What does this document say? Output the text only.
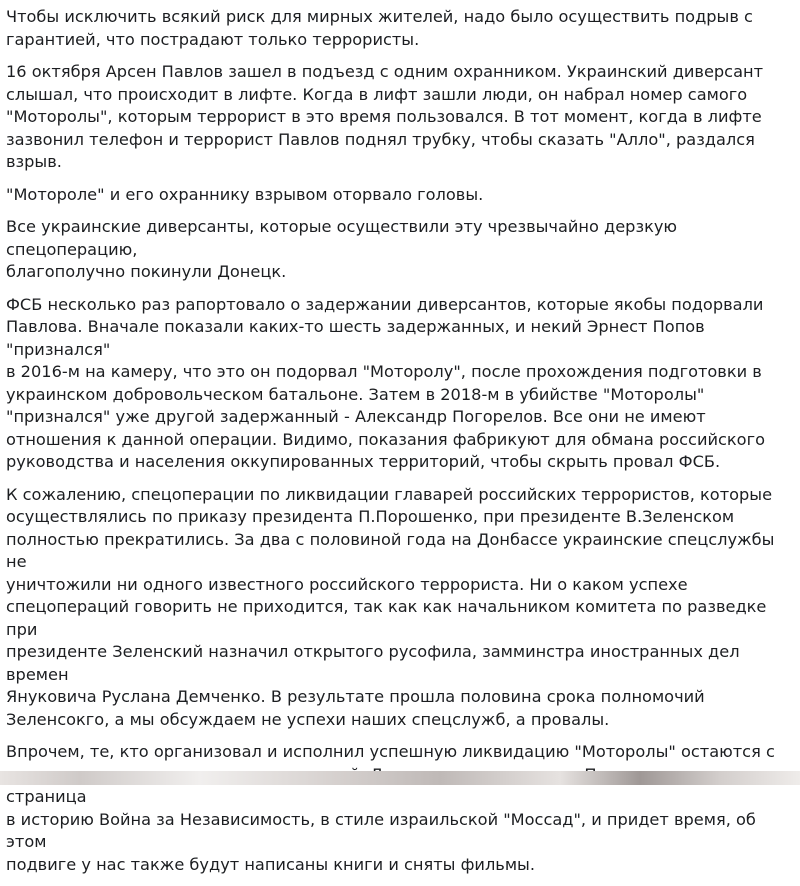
Чтобы исключить всякий риск для мирных жителей, надо было осуществить подрыв с
гарантией, что пострадают только террористы.

16 октября Арсен Павлов зашел в подъезд с одним охранником. Украинский диверсант
слышал, что происходит в лифте. Когда в лифт зашли люди, он набрал номер самого
"Моторолы", которым террорист в это время пользовался. В тот момент, когда в лифте
зазвонил телефон и террорист Павлов поднял трубку, чтобы сказать "Алло", раздался
взрыв.

"Мотороле" и его охраннику взрывом оторвало головы.

Все украинские диверсанты, которые осуществили эту чрезвычайно дерзкую спецоперацию,
благополучно покинули Донецк.

ФСБ несколько раз рапортовало о задержании диверсантов, которые якобы подорвали
Павлова. Вначале показали каких-то шесть задержанных, и некий Эрнест Попов "признался"
в 2016-м на камеру, что это он подорвал "Моторолу", после прохождения подготовки в
украинском добровольческом батальоне. Затем в 2018-м в убийстве "Моторолы"
"признался" уже другой задержанный - Александр Погорелов. Все они не имеют
отношения к данной операции. Видимо, показания фабрикуют для обмана российского
руководства и населения оккупированных территорий, чтобы скрыть провал ФСБ.

К сожалению, спецоперации по ликвидации главарей российских террористов, которые
осуществлялись по приказу президента П.Порошенко, при президенте В.Зеленском
полностью прекратились. За два с половиной года на Донбассе украинские спецслужбы не
уничтожили ни одного известного российского террориста. Ни о каком успехе
спецопераций говорить не приходится, так как как начальником комитета по разведке при
президенте Зеленский назначил открытого русофила, замминстра иностранных дел времен
Януковича Руслана Демченко. В результате прошла половина срока полномочий
Зеленсокго, а мы обсуждаем не успехи наших спецслужб, а провалы.

Впрочем, те, кто организовал и исполнил успешную ликвидацию "Моторолы" остаются с
страница
в историю Война за Независимость, в стиле израильской "Моссад", и придет время, об этом
подвиге у нас также будут написаны книги и сняты фильмы.
